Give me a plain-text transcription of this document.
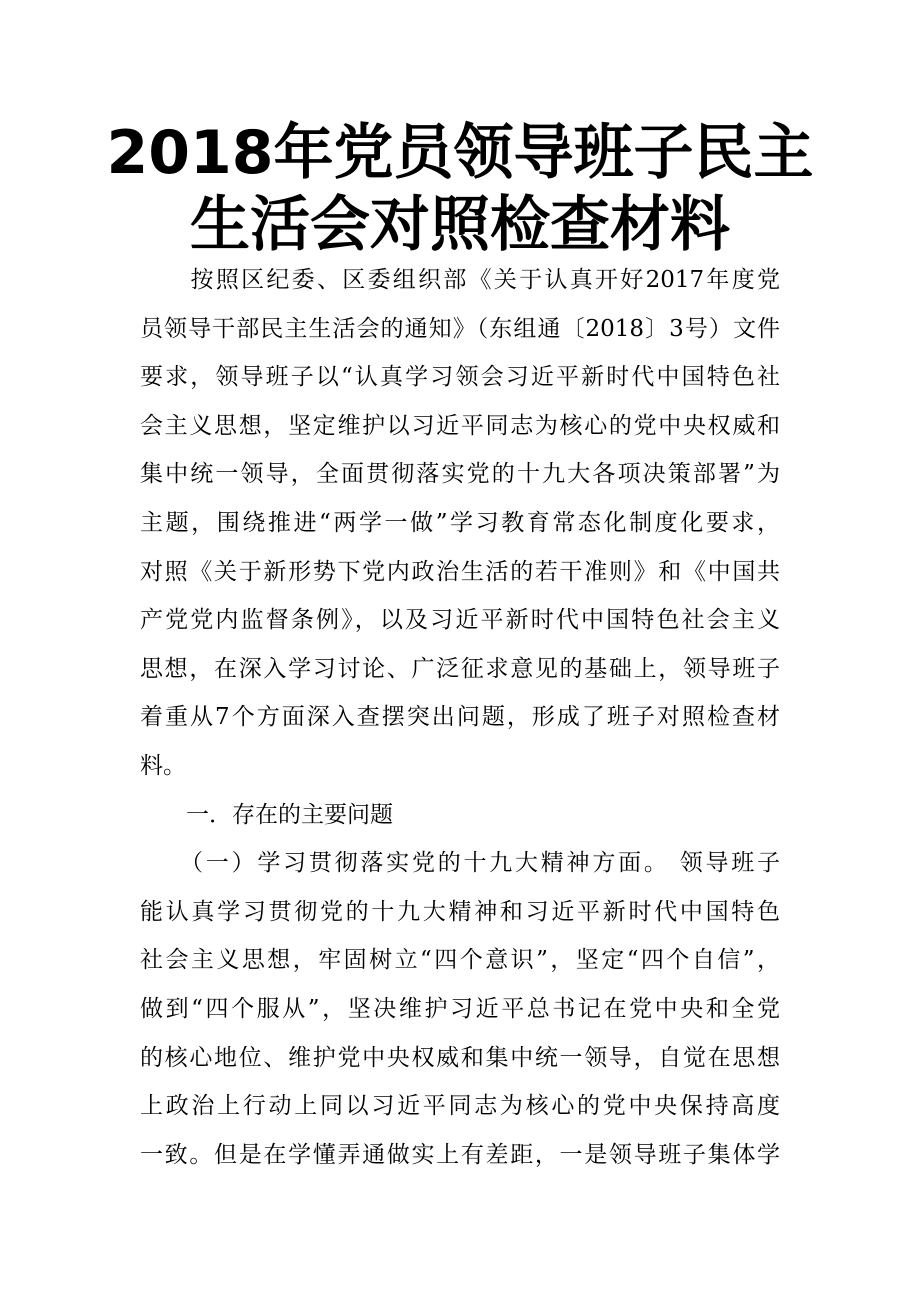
2018年党员领导班子民主
生活会对照检查材料
　　按照区纪委、区委组织部《关于认真开好2017年度党
员领导干部民主生活会的通知》（东组通〔2018〕3号）文件
要求，领导班子以“认真学习领会习近平新时代中国特色社
会主义思想，坚定维护以习近平同志为核心的党中央权威和
集中统一领导，全面贯彻落实党的十九大各项决策部署”为
主题，围绕推进“两学一做”学习教育常态化制度化要求，
对照《关于新形势下党内政治生活的若干准则》和《中国共
产党党内监督条例》，以及习近平新时代中国特色社会主义
思想，在深入学习讨论、广泛征求意见的基础上，领导班子
着重从7个方面深入查摆突出问题，形成了班子对照检查材
料。
　　一．存在的主要问题
　　（一）学习贯彻落实党的十九大精神方面。 领导班子
能认真学习贯彻党的十九大精神和习近平新时代中国特色
社会主义思想，牢固树立“四个意识”，坚定“四个自信”，
做到“四个服从”，坚决维护习近平总书记在党中央和全党
的核心地位、维护党中央权威和集中统一领导，自觉在思想
上政治上行动上同以习近平同志为核心的党中央保持高度
一致。但是在学懂弄通做实上有差距，一是领导班子集体学
